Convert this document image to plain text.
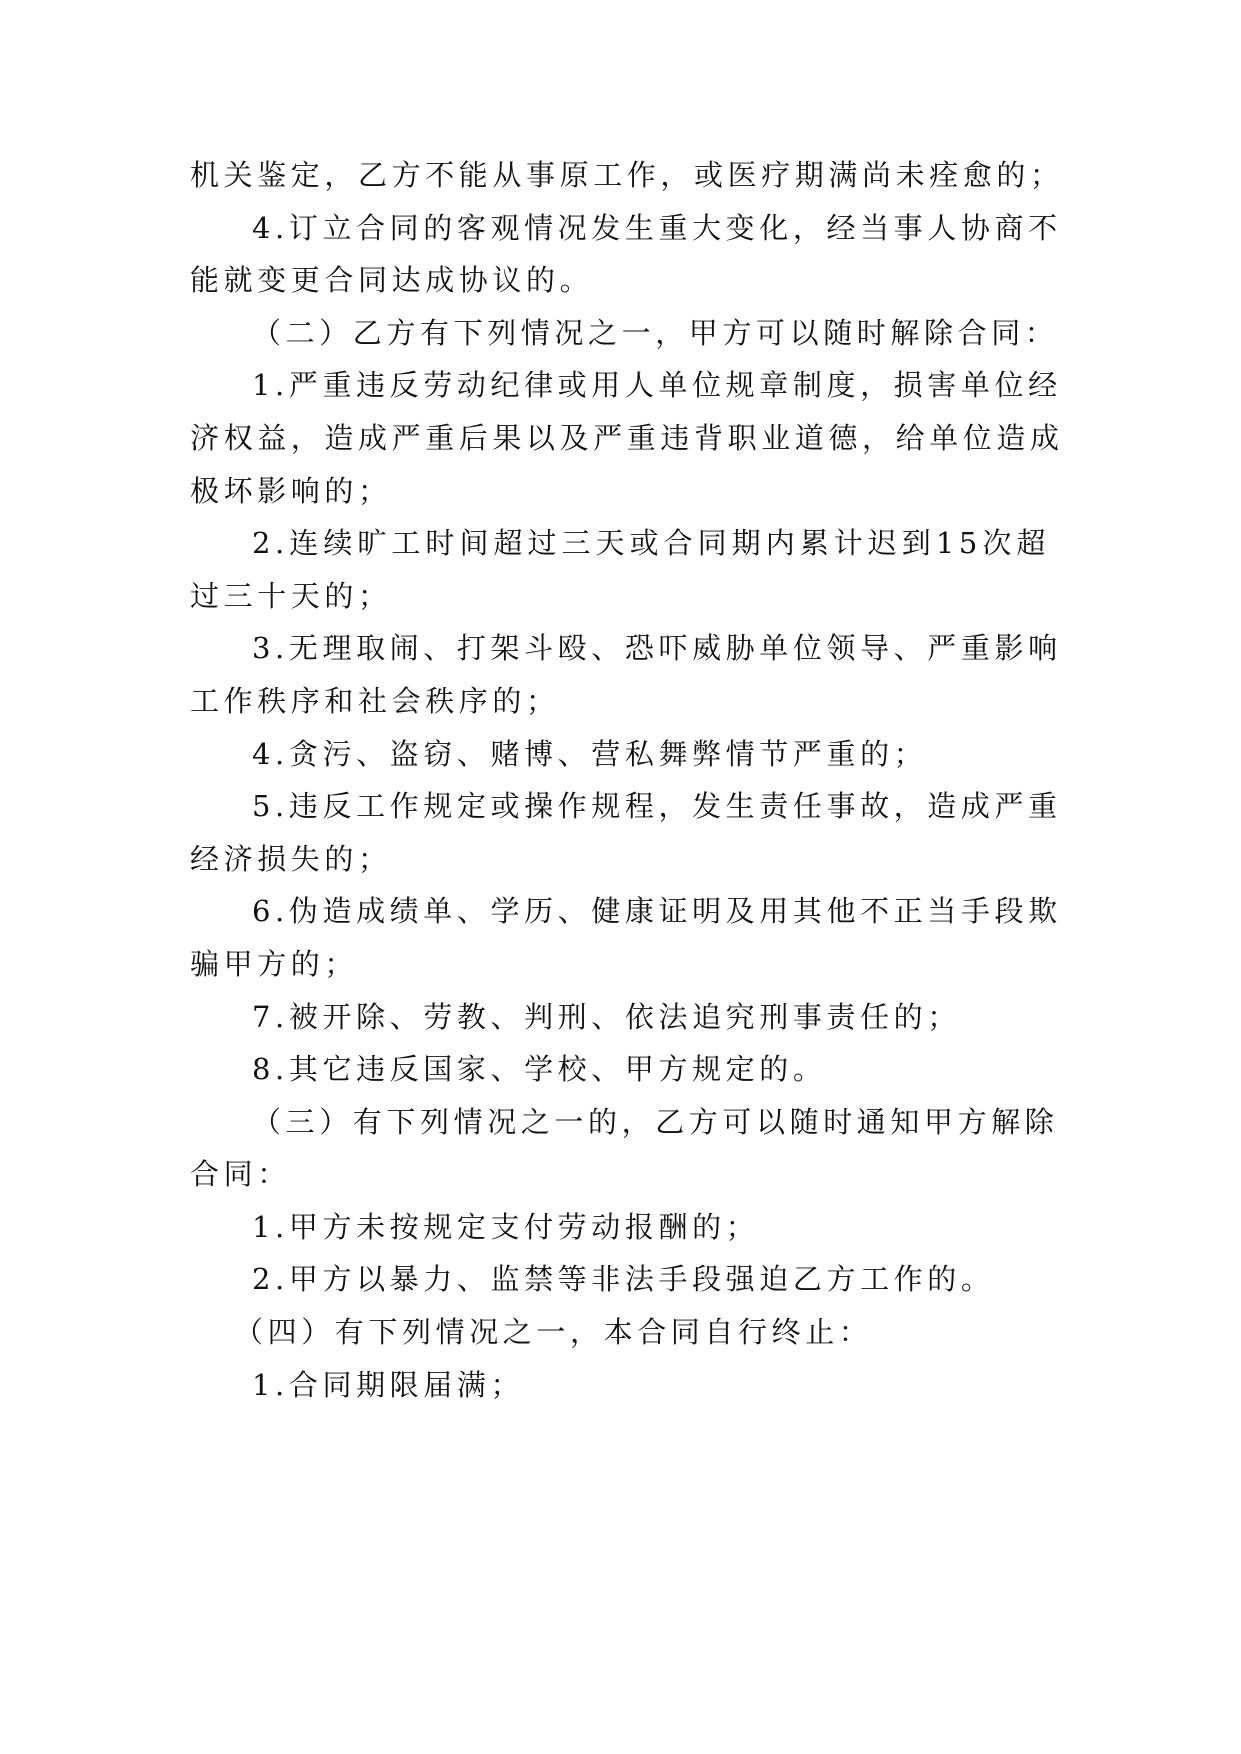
机关鉴定，乙方不能从事原工作，或医疗期满尚未痊愈的；
4.订立合同的客观情况发生重大变化，经当事人协商不
能就变更合同达成协议的。
（二）乙方有下列情况之一，甲方可以随时解除合同：
1.严重违反劳动纪律或用人单位规章制度，损害单位经
济权益，造成严重后果以及严重违背职业道德，给单位造成
极坏影响的；
2.连续旷工时间超过三天或合同期内累计迟到15次超
过三十天的；
3.无理取闹、打架斗殴、恐吓威胁单位领导、严重影响
工作秩序和社会秩序的；
4.贪污、盗窃、赌博、营私舞弊情节严重的；
5.违反工作规定或操作规程，发生责任事故，造成严重
经济损失的；
6.伪造成绩单、学历、健康证明及用其他不正当手段欺
骗甲方的；
7.被开除、劳教、判刑、依法追究刑事责任的；
8.其它违反国家、学校、甲方规定的。
（三）有下列情况之一的，乙方可以随时通知甲方解除
合同：
1.甲方未按规定支付劳动报酬的；
2.甲方以暴力、监禁等非法手段强迫乙方工作的。
（四）有下列情况之一，本合同自行终止：
1.合同期限届满；
